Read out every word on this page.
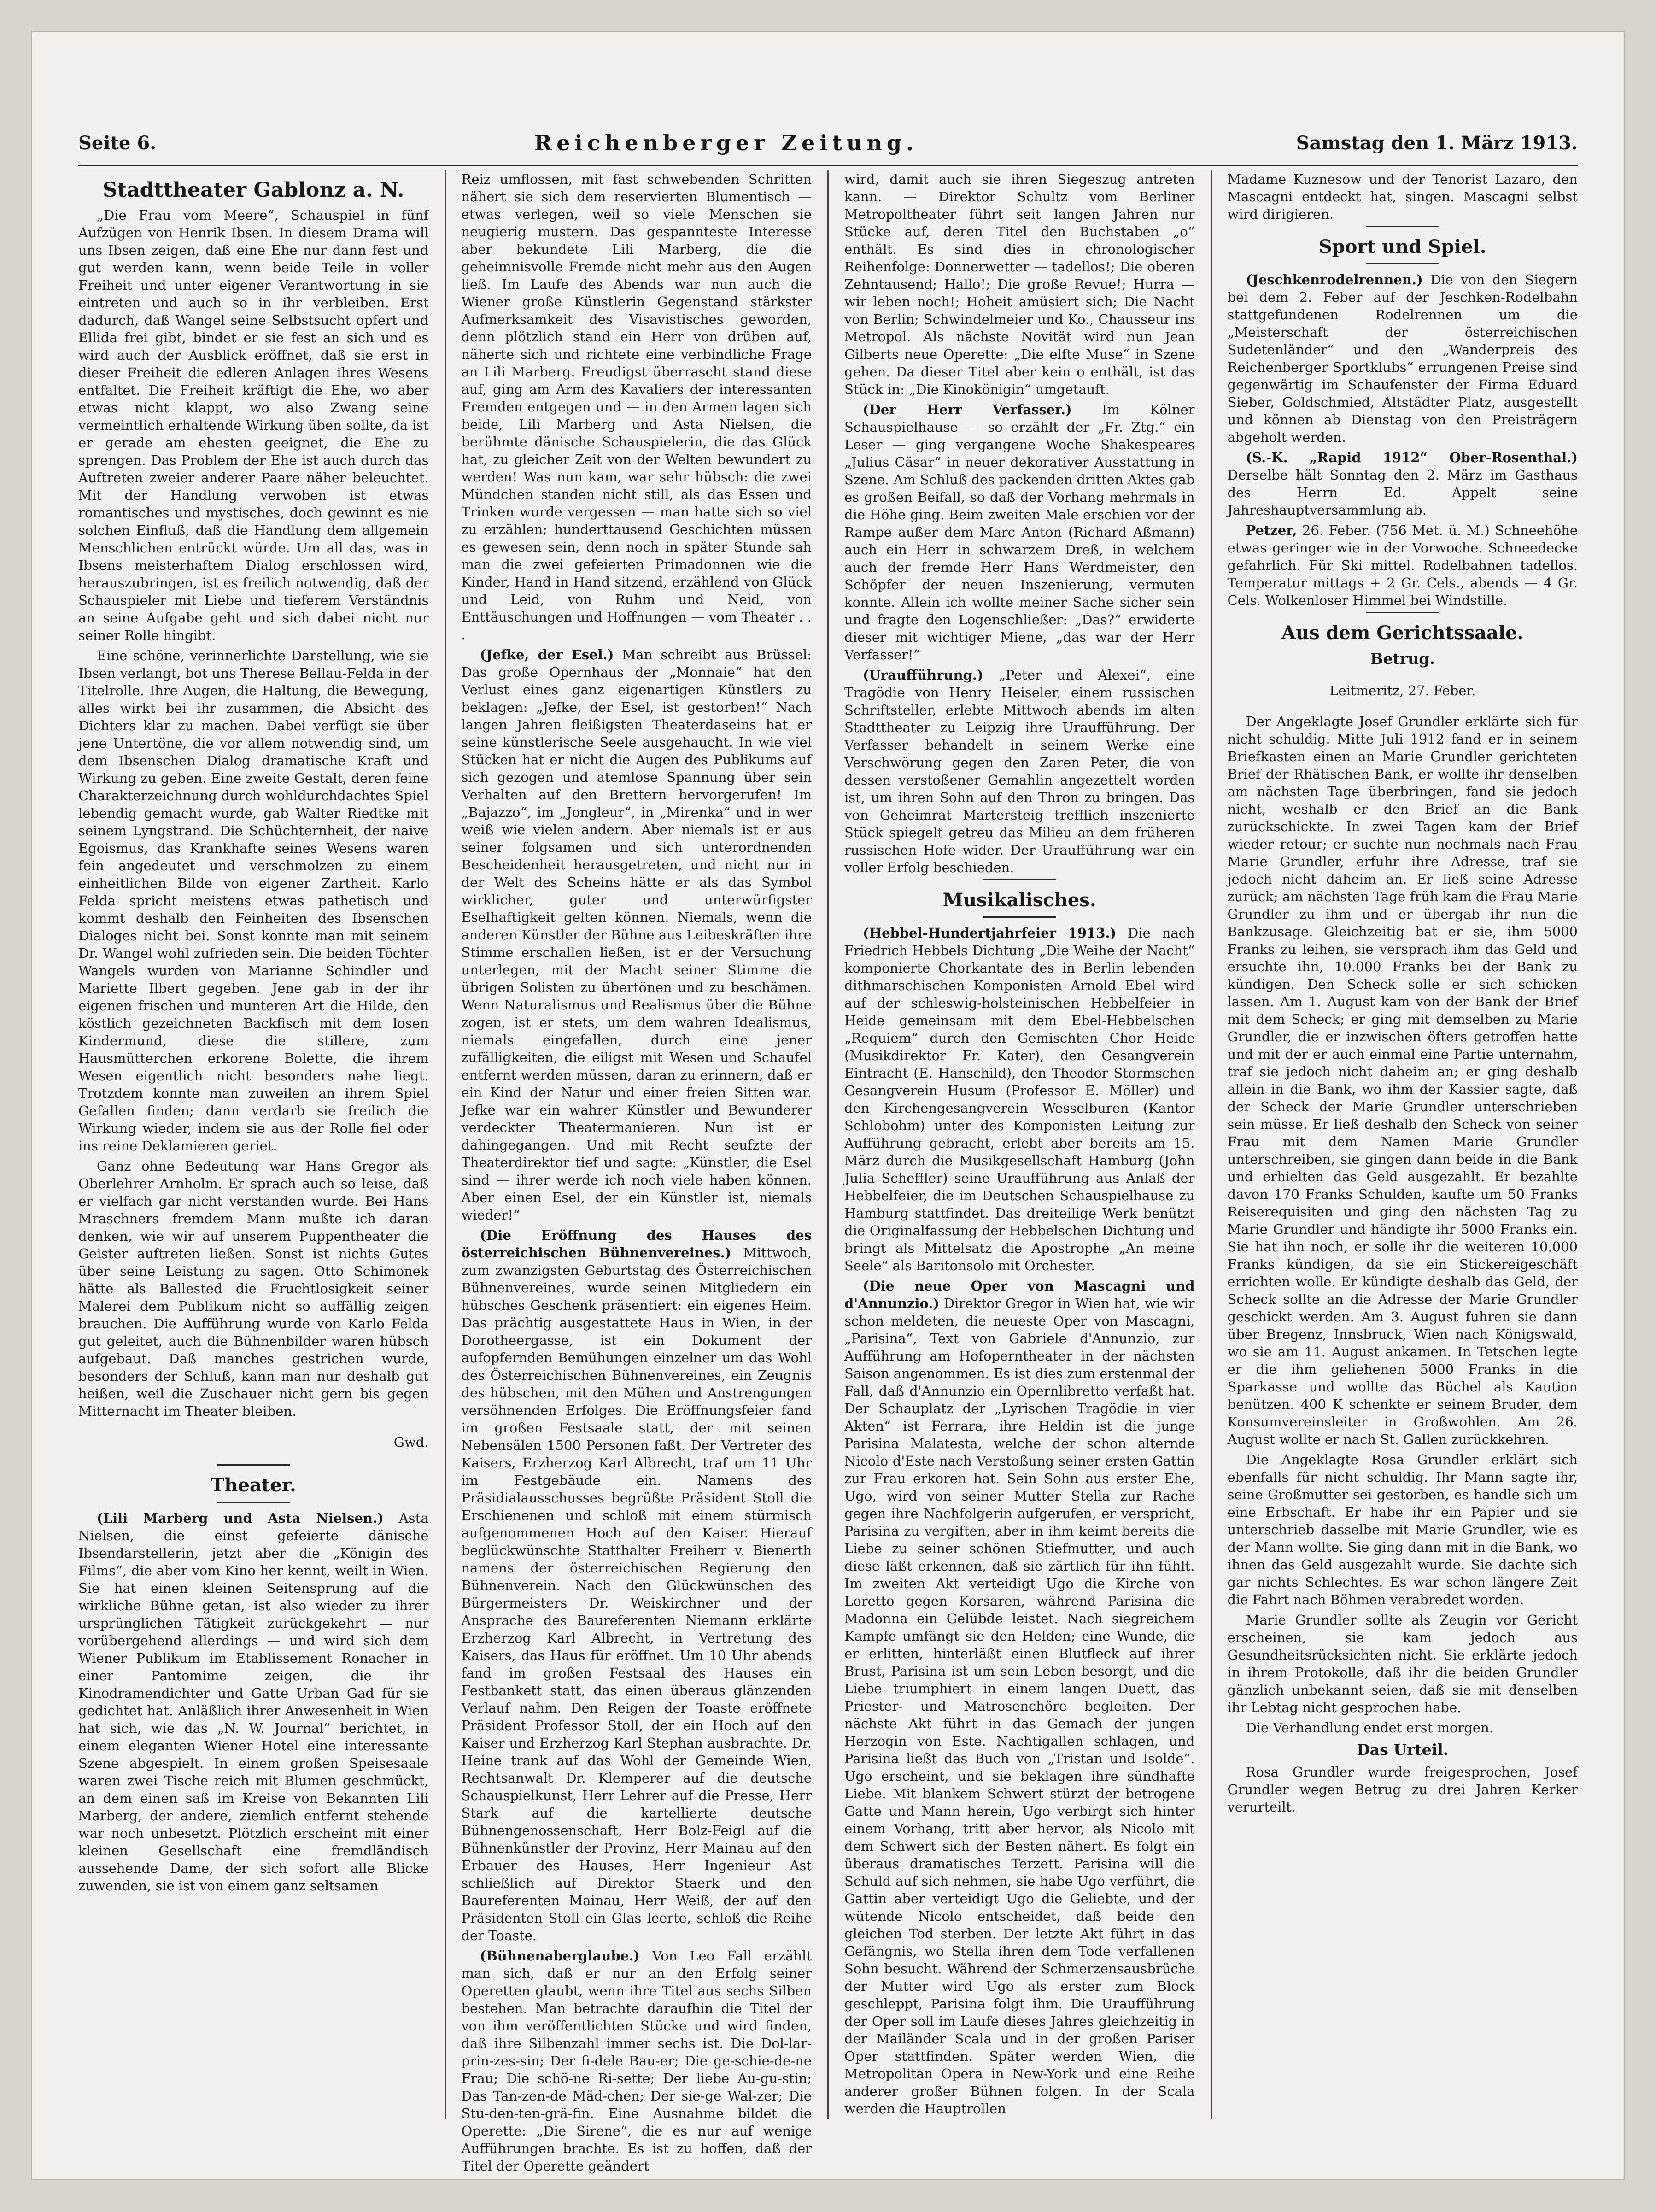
Seite 6.	Reichenberger Zeitung.	Samstag den 1. März 1913.
Stadttheater Gablonz a. N.

„Die Frau vom Meere“, Schauspiel in fünf Aufzügen von Henrik Ibsen. In diesem Drama will uns Ibsen zeigen, daß eine Ehe nur dann fest und gut werden kann, wenn beide Teile in voller Freiheit und unter eigener Verantwortung in sie eintreten und auch so in ihr verbleiben. Erst dadurch, daß Wangel seine Selbstsucht opfert und Ellida frei gibt, bindet er sie fest an sich und es wird auch der Ausblick eröffnet, daß sie erst in dieser Freiheit die edleren Anlagen ihres Wesens entfaltet. Die Freiheit kräftigt die Ehe, wo aber etwas nicht klappt, wo also Zwang seine vermeintlich erhaltende Wirkung üben sollte, da ist er gerade am ehesten geeignet, die Ehe zu sprengen. Das Problem der Ehe ist auch durch das Auftreten zweier anderer Paare näher beleuchtet. Mit der Handlung verwoben ist etwas romantisches und mystisches, doch gewinnt es nie solchen Einfluß, daß die Handlung dem allgemein Menschlichen entrückt würde. Um all das, was in Ibsens meisterhaftem Dialog erschlossen wird, herauszubringen, ist es freilich notwendig, daß der Schauspieler mit Liebe und tieferem Verständnis an seine Aufgabe geht und sich dabei nicht nur seiner Rolle hingibt.

Eine schöne, verinnerlichte Darstellung, wie sie Ibsen verlangt, bot uns Therese Bellau-Felda in der Titelrolle. Ihre Augen, die Haltung, die Bewegung, alles wirkt bei ihr zusammen, die Absicht des Dichters klar zu machen. Dabei verfügt sie über jene Untertöne, die vor allem notwendig sind, um dem Ibsenschen Dialog dramatische Kraft und Wirkung zu geben. Eine zweite Gestalt, deren feine Charakterzeichnung durch wohldurchdachtes Spiel lebendig gemacht wurde, gab Walter Riedtke mit seinem Lyngstrand. Die Schüchternheit, der naive Egoismus, das Krankhafte seines Wesens waren fein angedeutet und verschmolzen zu einem einheitlichen Bilde von eigener Zartheit. Karlo Felda spricht meistens etwas pathetisch und kommt deshalb den Feinheiten des Ibsenschen Dialoges nicht bei. Sonst konnte man mit seinem Dr. Wangel wohl zufrieden sein. Die beiden Töchter Wangels wurden von Marianne Schindler und Mariette Ilbert gegeben. Jene gab in der ihr eigenen frischen und munteren Art die Hilde, den köstlich gezeichneten Backfisch mit dem losen Kindermund, diese die stillere, zum Hausmütterchen erkorene Bolette, die ihrem Wesen eigentlich nicht besonders nahe liegt. Trotzdem konnte man zuweilen an ihrem Spiel Gefallen finden; dann verdarb sie freilich die Wirkung wieder, indem sie aus der Rolle fiel oder ins reine Deklamieren geriet.

Ganz ohne Bedeutung war Hans Gregor als Oberlehrer Arnholm. Er sprach auch so leise, daß er vielfach gar nicht verstanden wurde. Bei Hans Mraschners fremdem Mann mußte ich daran denken, wie wir auf unserem Puppentheater die Geister auftreten ließen. Sonst ist nichts Gutes über seine Leistung zu sagen. Otto Schimonek hätte als Ballested die Fruchtlosigkeit seiner Malerei dem Publikum nicht so auffällig zeigen brauchen. Die Aufführung wurde von Karlo Felda gut geleitet, auch die Bühnenbilder waren hübsch aufgebaut. Daß manches gestrichen wurde, besonders der Schluß, kann man nur deshalb gut heißen, weil die Zuschauer nicht gern bis gegen Mitternacht im Theater bleiben.

Gwd.

Theater.

(Lili Marberg und Asta Nielsen.) Asta Nielsen, die einst gefeierte dänische Ibsendarstellerin, jetzt aber die „Königin des Films“, die aber vom Kino her kennt, weilt in Wien. Sie hat einen kleinen Seitensprung auf die wirkliche Bühne getan, ist also wieder zu ihrer ursprünglichen Tätigkeit zurückgekehrt — nur vorübergehend allerdings — und wird sich dem Wiener Publikum im Etablissement Ronacher in einer Pantomime zeigen, die ihr Kinodramendichter und Gatte Urban Gad für sie gedichtet hat. Anläßlich ihrer Anwesenheit in Wien hat sich, wie das „N. W. Journal“ berichtet, in einem eleganten Wiener Hotel eine interessante Szene abgespielt. In einem großen Speisesaale waren zwei Tische reich mit Blumen geschmückt, an dem einen saß im Kreise von Bekannten Lili Marberg, der andere, ziemlich entfernt stehende war noch unbesetzt. Plötzlich erscheint mit einer kleinen Gesellschaft eine fremdländisch aussehende Dame, der sich sofort alle Blicke zuwenden, sie ist von einem ganz seltsamen

Reiz umflossen, mit fast schwebenden Schritten nähert sie sich dem reservierten Blumentisch — etwas verlegen, weil so viele Menschen sie neugierig mustern. Das gespannteste Interesse aber bekundete Lili Marberg, die die geheimnisvolle Fremde nicht mehr aus den Augen ließ. Im Laufe des Abends war nun auch die Wiener große Künstlerin Gegenstand stärkster Aufmerksamkeit des Visavistisches geworden, denn plötzlich stand ein Herr von drüben auf, näherte sich und richtete eine verbindliche Frage an Lili Marberg. Freudigst überrascht stand diese auf, ging am Arm des Kavaliers der interessanten Fremden entgegen und — in den Armen lagen sich beide, Lili Marberg und Asta Nielsen, die berühmte dänische Schauspielerin, die das Glück hat, zu gleicher Zeit von der Welten bewundert zu werden! Was nun kam, war sehr hübsch: die zwei Mündchen standen nicht still, als das Essen und Trinken wurde vergessen — man hatte sich so viel zu erzählen; hunderttausend Geschichten müssen es gewesen sein, denn noch in später Stunde sah man die zwei gefeierten Primadonnen wie die Kinder, Hand in Hand sitzend, erzählend von Glück und Leid, von Ruhm und Neid, von Enttäuschungen und Hoffnungen — vom Theater . . .

(Jefke, der Esel.) Man schreibt aus Brüssel: Das große Opernhaus der „Monnaie“ hat den Verlust eines ganz eigenartigen Künstlers zu beklagen: „Jefke, der Esel, ist gestorben!“ Nach langen Jahren fleißigsten Theaterdaseins hat er seine künstlerische Seele ausgehaucht. In wie viel Stücken hat er nicht die Augen des Publikums auf sich gezogen und atemlose Spannung über sein Verhalten auf den Brettern hervorgerufen! Im „Bajazzo“, im „Jongleur“, in „Mirenka“ und in wer weiß wie vielen andern. Aber niemals ist er aus seiner folgsamen und sich unterordnenden Bescheidenheit herausgetreten, und nicht nur in der Welt des Scheins hätte er als das Symbol wirklicher, guter und unterwürfigster Eselhaftigkeit gelten können. Niemals, wenn die anderen Künstler der Bühne aus Leibeskräften ihre Stimme erschallen ließen, ist er der Versuchung unterlegen, mit der Macht seiner Stimme die übrigen Solisten zu übertönen und zu beschämen. Wenn Naturalismus und Realismus über die Bühne zogen, ist er stets, um dem wahren Idealismus, niemals eingefallen, durch eine jener zufälligkeiten, die eiligst mit Wesen und Schaufel entfernt werden müssen, daran zu erinnern, daß er ein Kind der Natur und einer freien Sitten war. Jefke war ein wahrer Künstler und Bewunderer verdeckter Theatermanieren. Nun ist er dahingegangen. Und mit Recht seufzte der Theaterdirektor tief und sagte: „Künstler, die Esel sind — ihrer werde ich noch viele haben können. Aber einen Esel, der ein Künstler ist, niemals wieder!“

(Die Eröffnung des Hauses des österreichischen Bühnenvereines.) Mittwoch, zum zwanzigsten Geburtstag des Österreichischen Bühnenvereines, wurde seinen Mitgliedern ein hübsches Geschenk präsentiert: ein eigenes Heim. Das prächtig ausgestattete Haus in Wien, in der Dorotheergasse, ist ein Dokument der aufopfernden Bemühungen einzelner um das Wohl des Österreichischen Bühnenvereines, ein Zeugnis des hübschen, mit den Mühen und Anstrengungen versöhnenden Erfolges. Die Eröffnungsfeier fand im großen Festsaale statt, der mit seinen Nebensälen 1500 Personen faßt. Der Vertreter des Kaisers, Erzherzog Karl Albrecht, traf um 11 Uhr im Festgebäude ein. Namens des Präsidialausschusses begrüßte Präsident Stoll die Erschienenen und schloß mit einem stürmisch aufgenommenen Hoch auf den Kaiser. Hierauf beglückwünschte Statthalter Freiherr v. Bienerth namens der österreichischen Regierung den Bühnenverein. Nach den Glückwünschen des Bürgermeisters Dr. Weiskirchner und der Ansprache des Baureferenten Niemann erklärte Erzherzog Karl Albrecht, in Vertretung des Kaisers, das Haus für eröffnet. Um 10 Uhr abends fand im großen Festsaal des Hauses ein Festbankett statt, das einen überaus glänzenden Verlauf nahm. Den Reigen der Toaste eröffnete Präsident Professor Stoll, der ein Hoch auf den Kaiser und Erzherzog Karl Stephan ausbrachte. Dr. Heine trank auf das Wohl der Gemeinde Wien, Rechtsanwalt Dr. Klemperer auf die deutsche Schauspielkunst, Herr Lehrer auf die Presse, Herr Stark auf die kartellierte deutsche Bühnengenossenschaft, Herr Bolz-Feigl auf die Bühnenkünstler der Provinz, Herr Mainau auf den Erbauer des Hauses, Herr Ingenieur Ast schließlich auf Direktor Staerk und den Baureferenten Mainau, Herr Weiß, der auf den Präsidenten Stoll ein Glas leerte, schloß die Reihe der Toaste.

(Bühnenaberglaube.) Von Leo Fall erzählt man sich, daß er nur an den Erfolg seiner Operetten glaubt, wenn ihre Titel aus sechs Silben bestehen. Man betrachte daraufhin die Titel der von ihm veröffentlichten Stücke und wird finden, daß ihre Silbenzahl immer sechs ist. Die Dol-lar-prin-zes-sin; Der fi-dele Bau-er; Die ge-schie-de-ne Frau; Die schö-ne Ri-sette; Der liebe Au-gu-stin; Das Tan-zen-de Mäd-chen; Der sie-ge Wal-zer; Die Stu-den-ten-grä-fin. Eine Ausnahme bildet die Operette: „Die Sirene“, die es nur auf wenige Aufführungen brachte. Es ist zu hoffen, daß der Titel der Operette geändert

wird, damit auch sie ihren Siegeszug antreten kann. — Direktor Schultz vom Berliner Metropoltheater führt seit langen Jahren nur Stücke auf, deren Titel den Buchstaben „o“ enthält. Es sind dies in chronologischer Reihenfolge: Donnerwetter — tadellos!; Die oberen Zehntausend; Hallo!; Die große Revue!; Hurra — wir leben noch!; Hoheit amüsiert sich; Die Nacht von Berlin; Schwindelmeier und Ko., Chausseur ins Metropol. Als nächste Novität wird nun Jean Gilberts neue Operette: „Die elfte Muse“ in Szene gehen. Da dieser Titel aber kein o enthält, ist das Stück in: „Die Kinokönigin“ umgetauft.

(Der Herr Verfasser.) Im Kölner Schauspielhause — so erzählt der „Fr. Ztg.“ ein Leser — ging vergangene Woche Shakespeares „Julius Cäsar“ in neuer dekorativer Ausstattung in Szene. Am Schluß des packenden dritten Aktes gab es großen Beifall, so daß der Vorhang mehrmals in die Höhe ging. Beim zweiten Male erschien vor der Rampe außer dem Marc Anton (Richard Aßmann) auch ein Herr in schwarzem Dreß, in welchem auch der fremde Herr Hans Werdmeister, den Schöpfer der neuen Inszenierung, vermuten konnte. Allein ich wollte meiner Sache sicher sein und fragte den Logenschließer: „Das?“ erwiderte dieser mit wichtiger Miene, „das war der Herr Verfasser!“

(Uraufführung.) „Peter und Alexei“, eine Tragödie von Henry Heiseler, einem russischen Schriftsteller, erlebte Mittwoch abends im alten Stadttheater zu Leipzig ihre Uraufführung. Der Verfasser behandelt in seinem Werke eine Verschwörung gegen den Zaren Peter, die von dessen verstoßener Gemahlin angezettelt worden ist, um ihren Sohn auf den Thron zu bringen. Das von Geheimrat Martersteig trefflich inszenierte Stück spiegelt getreu das Milieu an dem früheren russischen Hofe wider. Der Uraufführung war ein voller Erfolg beschieden.

Musikalisches.

(Hebbel-Hundertjahrfeier 1913.) Die nach Friedrich Hebbels Dichtung „Die Weihe der Nacht“ komponierte Chorkantate des in Berlin lebenden dithmarschischen Komponisten Arnold Ebel wird auf der schleswig-holsteinischen Hebbelfeier in Heide gemeinsam mit dem Ebel-Hebbelschen „Requiem“ durch den Gemischten Chor Heide (Musikdirektor Fr. Kater), den Gesangverein Eintracht (E. Hanschild), den Theodor Stormschen Gesangverein Husum (Professor E. Möller) und den Kirchengesangverein Wesselburen (Kantor Schlobohm) unter des Komponisten Leitung zur Aufführung gebracht, erlebt aber bereits am 15. März durch die Musikgesellschaft Hamburg (John Julia Scheffler) seine Uraufführung aus Anlaß der Hebbelfeier, die im Deutschen Schauspielhause zu Hamburg stattfindet. Das dreiteilige Werk benützt die Originalfassung der Hebbelschen Dichtung und bringt als Mittelsatz die Apostrophe „An meine Seele“ als Baritonsolo mit Orchester.

(Die neue Oper von Mascagni und d'Annunzio.) Direktor Gregor in Wien hat, wie wir schon meldeten, die neueste Oper von Mascagni, „Parisina“, Text von Gabriele d'Annunzio, zur Aufführung am Hofoperntheater in der nächsten Saison angenommen. Es ist dies zum erstenmal der Fall, daß d'Annunzio ein Opernlibretto verfaßt hat. Der Schauplatz der „Lyrischen Tragödie in vier Akten“ ist Ferrara, ihre Heldin ist die junge Parisina Malatesta, welche der schon alternde Nicolo d'Este nach Verstoßung seiner ersten Gattin zur Frau erkoren hat. Sein Sohn aus erster Ehe, Ugo, wird von seiner Mutter Stella zur Rache gegen ihre Nachfolgerin aufgerufen, er verspricht, Parisina zu vergiften, aber in ihm keimt bereits die Liebe zu seiner schönen Stiefmutter, und auch diese läßt erkennen, daß sie zärtlich für ihn fühlt. Im zweiten Akt verteidigt Ugo die Kirche von Loretto gegen Korsaren, während Parisina die Madonna ein Gelübde leistet. Nach siegreichem Kampfe umfängt sie den Helden; eine Wunde, die er erlitten, hinterläßt einen Blutfleck auf ihrer Brust, Parisina ist um sein Leben besorgt, und die Liebe triumphiert in einem langen Duett, das Priester- und Matrosenchöre begleiten. Der nächste Akt führt in das Gemach der jungen Herzogin von Este. Nachtigallen schlagen, und Parisina ließt das Buch von „Tristan und Isolde“. Ugo erscheint, und sie beklagen ihre sündhafte Liebe. Mit blankem Schwert stürzt der betrogene Gatte und Mann herein, Ugo verbirgt sich hinter einem Vorhang, tritt aber hervor, als Nicolo mit dem Schwert sich der Besten nähert. Es folgt ein überaus dramatisches Terzett. Parisina will die Schuld auf sich nehmen, sie habe Ugo verführt, die Gattin aber verteidigt Ugo die Geliebte, und der wütende Nicolo entscheidet, daß beide den gleichen Tod sterben. Der letzte Akt führt in das Gefängnis, wo Stella ihren dem Tode verfallenen Sohn besucht. Während der Schmerzensausbrüche der Mutter wird Ugo als erster zum Block geschleppt, Parisina folgt ihm. Die Uraufführung der Oper soll im Laufe dieses Jahres gleichzeitig in der Mailänder Scala und in der großen Pariser Oper stattfinden. Später werden Wien, die Metropolitan Opera in New-York und eine Reihe anderer großer Bühnen folgen. In der Scala werden die Hauptrollen

Madame Kuznesow und der Tenorist Lazaro, den Mascagni entdeckt hat, singen. Mascagni selbst wird dirigieren.

Sport und Spiel.

(Jeschkenrodelrennen.) Die von den Siegern bei dem 2. Feber auf der Jeschken-Rodelbahn stattgefundenen Rodelrennen um die „Meisterschaft der österreichischen Sudetenländer“ und den „Wanderpreis des Reichenberger Sportklubs“ errungenen Preise sind gegenwärtig im Schaufenster der Firma Eduard Sieber, Goldschmied, Altstädter Platz, ausgestellt und können ab Dienstag von den Preisträgern abgeholt werden.

(S.-K. „Rapid 1912“ Ober-Rosenthal.) Derselbe hält Sonntag den 2. März im Gasthaus des Herrn Ed. Appelt seine Jahreshauptversammlung ab.

Petzer, 26. Feber. (756 Met. ü. M.) Schneehöhe etwas geringer wie in der Vorwoche. Schneedecke gefahrlich. Für Ski mittel. Rodelbahnen tadellos. Temperatur mittags + 2 Gr. Cels., abends — 4 Gr. Cels. Wolkenloser Himmel bei Windstille.

Aus dem Gerichtssaale.
Betrug.

Leitmeritz, 27. Feber.

Der Angeklagte Josef Grundler erklärte sich für nicht schuldig. Mitte Juli 1912 fand er in seinem Briefkasten einen an Marie Grundler gerichteten Brief der Rhätischen Bank, er wollte ihr denselben am nächsten Tage überbringen, fand sie jedoch nicht, weshalb er den Brief an die Bank zurückschickte. In zwei Tagen kam der Brief wieder retour; er suchte nun nochmals nach Frau Marie Grundler, erfuhr ihre Adresse, traf sie jedoch nicht daheim an. Er ließ seine Adresse zurück; am nächsten Tage früh kam die Frau Marie Grundler zu ihm und er übergab ihr nun die Bankzusage. Gleichzeitig bat er sie, ihm 5000 Franks zu leihen, sie versprach ihm das Geld und ersuchte ihn, 10.000 Franks bei der Bank zu kündigen. Den Scheck solle er sich schicken lassen. Am 1. August kam von der Bank der Brief mit dem Scheck; er ging mit demselben zu Marie Grundler, die er inzwischen öfters getroffen hatte und mit der er auch einmal eine Partie unternahm, traf sie jedoch nicht daheim an; er ging deshalb allein in die Bank, wo ihm der Kassier sagte, daß der Scheck der Marie Grundler unterschrieben sein müsse. Er ließ deshalb den Scheck von seiner Frau mit dem Namen Marie Grundler unterschreiben, sie gingen dann beide in die Bank und erhielten das Geld ausgezahlt. Er bezahlte davon 170 Franks Schulden, kaufte um 50 Franks Reiserequisiten und ging den nächsten Tag zu Marie Grundler und händigte ihr 5000 Franks ein. Sie hat ihn noch, er solle ihr die weiteren 10.000 Franks kündigen, da sie ein Stickereigeschäft errichten wolle. Er kündigte deshalb das Geld, der Scheck sollte an die Adresse der Marie Grundler geschickt werden. Am 3. August fuhren sie dann über Bregenz, Innsbruck, Wien nach Königswald, wo sie am 11. August ankamen. In Tetschen legte er die ihm geliehenen 5000 Franks in die Sparkasse und wollte das Büchel als Kaution benützen. 400 K schenkte er seinem Bruder, dem Konsumvereinsleiter in Großwohlen. Am 26. August wollte er nach St. Gallen zurückkehren.

Die Angeklagte Rosa Grundler erklärt sich ebenfalls für nicht schuldig. Ihr Mann sagte ihr, seine Großmutter sei gestorben, es handle sich um eine Erbschaft. Er habe ihr ein Papier und sie unterschrieb dasselbe mit Marie Grundler, wie es der Mann wollte. Sie ging dann mit in die Bank, wo ihnen das Geld ausgezahlt wurde. Sie dachte sich gar nichts Schlechtes. Es war schon längere Zeit die Fahrt nach Böhmen verabredet worden.

Marie Grundler sollte als Zeugin vor Gericht erscheinen, sie kam jedoch aus Gesundheitsrücksichten nicht. Sie erklärte jedoch in ihrem Protokolle, daß ihr die beiden Grundler gänzlich unbekannt seien, daß sie mit denselben ihr Lebtag nicht gesprochen habe.

Die Verhandlung endet erst morgen.

Das Urteil.

Rosa Grundler wurde freigesprochen, Josef Grundler wegen Betrug zu drei Jahren Kerker verurteilt.
